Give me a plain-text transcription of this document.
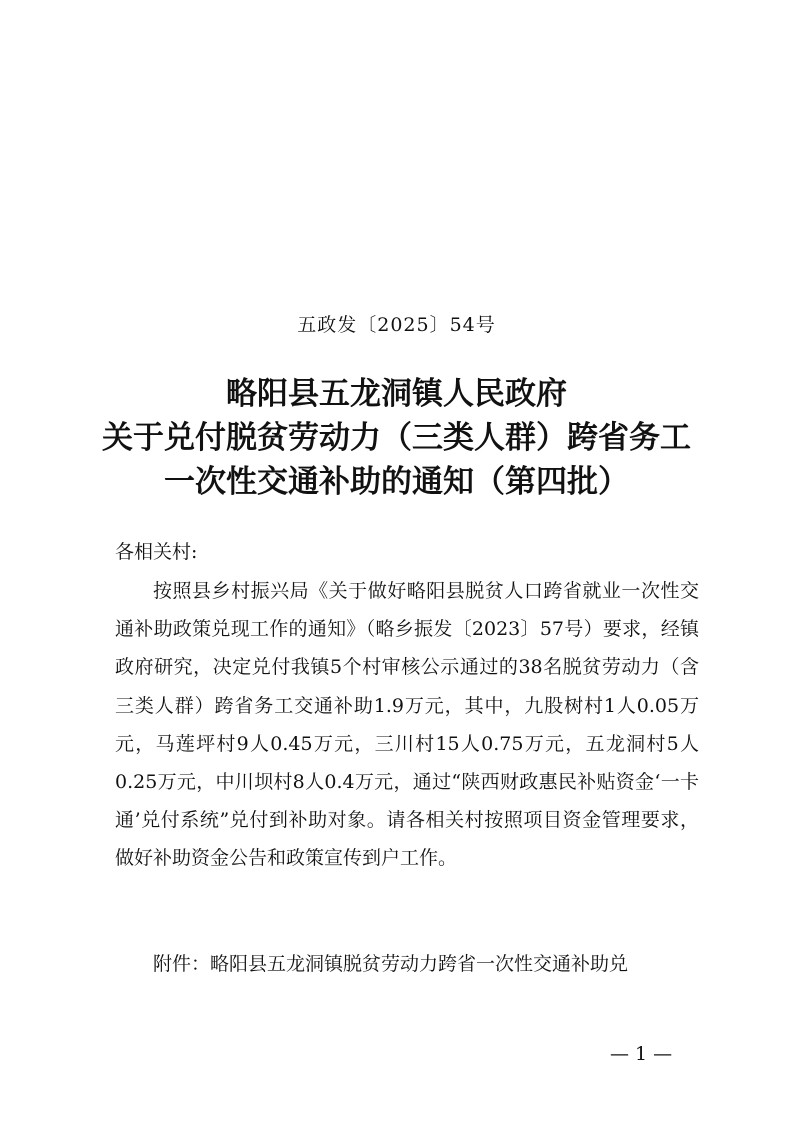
五政发〔2025〕54号
略阳县五龙洞镇人民政府
关于兑付脱贫劳动力（三类人群）跨省务工
一次性交通补助的通知（第四批）
各相关村:

按照县乡村振兴局《关于做好略阳县脱贫人口跨省就业一次性交通补助政策兑现工作的通知》（略乡振发〔2023〕57号）要求，经镇政府研究，决定兑付我镇5个村审核公示通过的38名脱贫劳动力（含三类人群）跨省务工交通补助1.9万元，其中，九股树村1人0.05万元，马莲坪村9人0.45万元，三川村15人0.75万元，五龙洞村5人0.25万元，中川坝村8人0.4万元，通过“陕西财政惠民补贴资金‘一卡通’兑付系统”兑付到补助对象。请各相关村按照项目资金管理要求，做好补助资金公告和政策宣传到户工作。

附件：略阳县五龙洞镇脱贫劳动力跨省一次性交通补助兑
— 1 —
